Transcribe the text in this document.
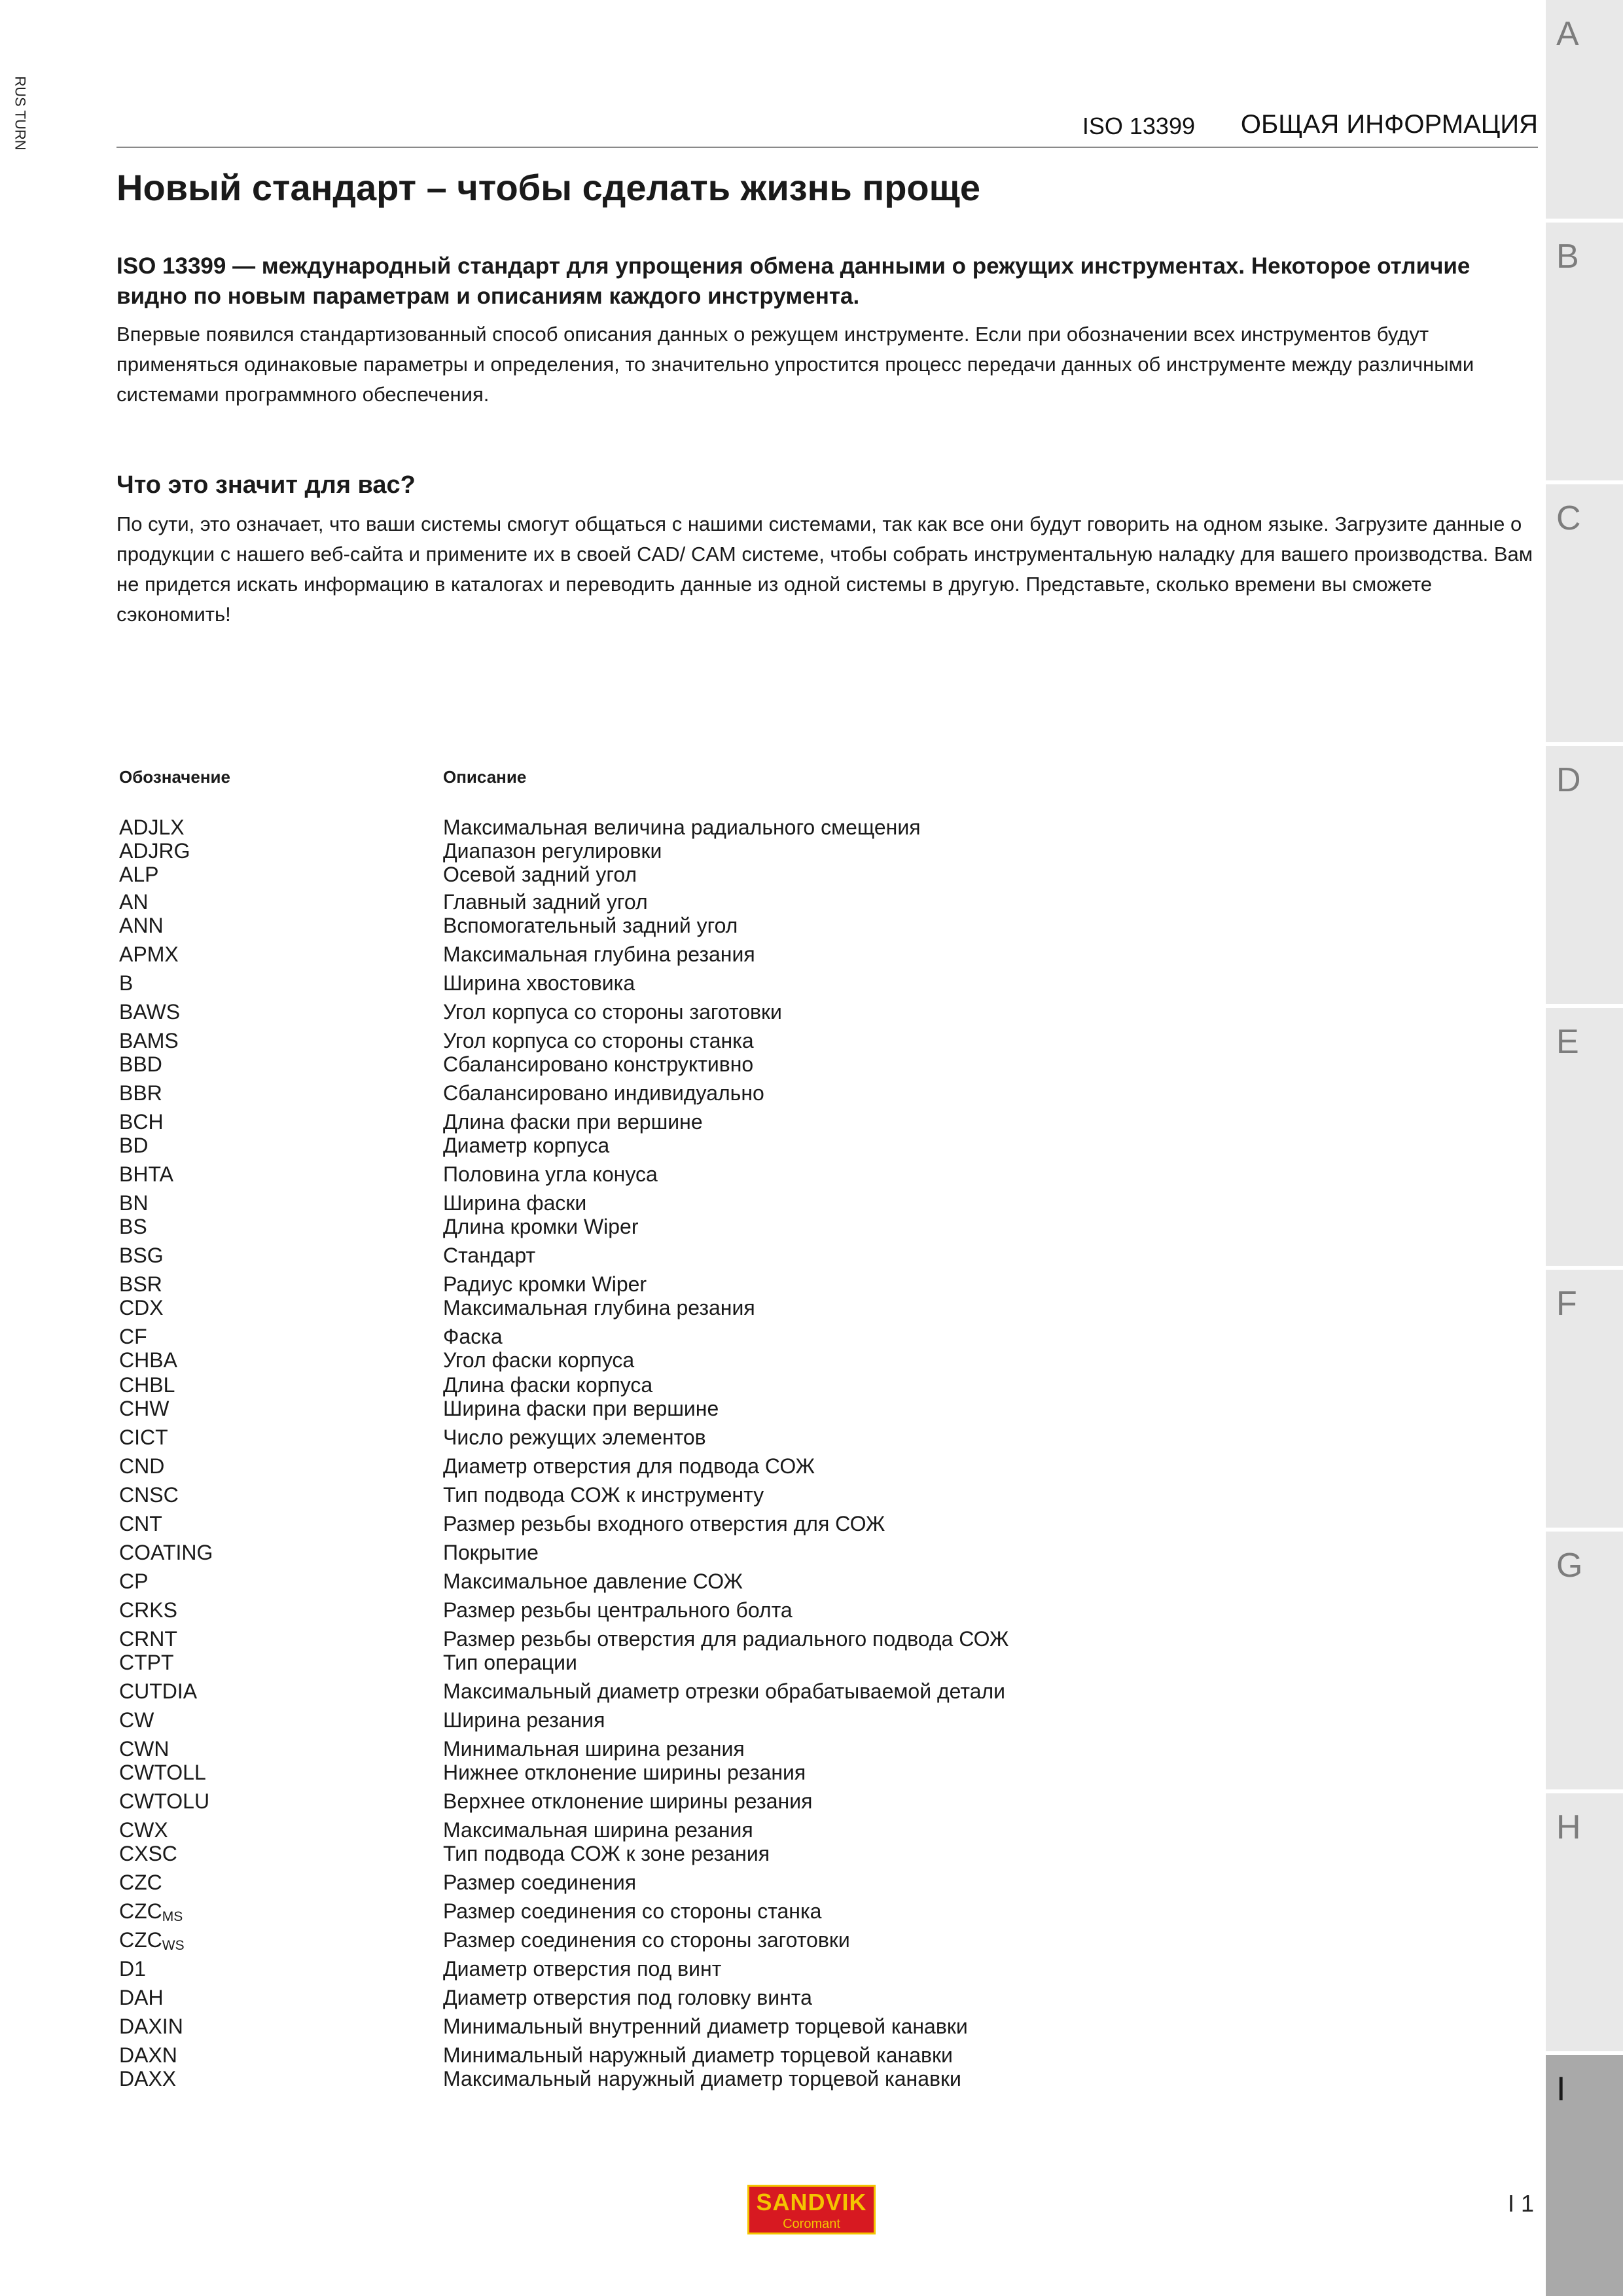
RUS TURN
A
B
C
D
E
F
G
H
I
ISO 13399 ОБЩАЯ ИНФОРМАЦИЯ
Новый стандарт – чтобы сделать жизнь проще

ISO 13399 — международный стандарт для упрощения обмена данными о режущих инструментах. Некоторое отличие видно по новым параметрам и описаниям каждого инструмента.

Впервые появился стандартизованный способ описания данных о режущем инструменте. Если при обозначении всех инструментов будут применяться одинаковые параметры и определения, то значительно упростится процесс передачи данных об инструменте между различными системами программного обеспечения.

Что это значит для вас?

По сути, это означает, что ваши системы смогут общаться с нашими системами, так как все они будут говорить на одном языке. Загрузите данные о продукции с нашего веб-сайта и примените их в своей CAD/ CAM системе, чтобы собрать инструментальную наладку для вашего производства. Вам не придется искать информацию в каталогах и переводить данные из одной системы в другую. Представьте, сколько времени вы сможете сэкономить!

Обозначение	Описание
ADJLX	Максимальная величина радиального смещения
ADJRG	Диапазон регулировки
ALP	Осевой задний угол
AN	Главный задний угол
ANN	Вспомогательный задний угол
APMX	Максимальная глубина резания
B	Ширина хвостовика
BAWS	Угол корпуса со стороны заготовки
BAMS	Угол корпуса со стороны станка
BBD	Сбалансировано конструктивно
BBR	Сбалансировано индивидуально
BCH	Длина фаски при вершине
BD	Диаметр корпуса
BHTA	Половина угла конуса
BN	Ширина фаски
BS	Длина кромки Wiper
BSG	Стандарт
BSR	Радиус кромки Wiper
CDX	Максимальная глубина резания
CF	Фаска
CHBA	Угол фаски корпуса
CHBL	Длина фаски корпуса
CHW	Ширина фаски при вершине
CICT	Число режущих элементов
CND	Диаметр отверстия для подвода СОЖ
CNSC	Тип подвода СОЖ к инструменту
CNT	Размер резьбы входного отверстия для СОЖ
COATING	Покрытие
CP	Максимальное давление СОЖ
CRKS	Размер резьбы центрального болта
CRNT	Размер резьбы отверстия для радиального подвода СОЖ
CTPT	Тип операции
CUTDIA	Максимальный диаметр отрезки обрабатываемой детали
CW	Ширина резания
CWN	Минимальная ширина резания
CWTOLL	Нижнее отклонение ширины резания
CWTOLU	Верхнее отклонение ширины резания
CWX	Максимальная ширина резания
CXSC	Тип подвода СОЖ к зоне резания
CZC	Размер соединения
$CZC_{MS}$	Размер соединения со стороны станка
$CZC_{WS}$	Размер соединения со стороны заготовки
D1	Диаметр отверстия под винт
DAH	Диаметр отверстия под головку винта
DAXIN	Минимальный внутренний диаметр торцевой канавки
DAXN	Минимальный наружный диаметр торцевой канавки
DAXX	Максимальный наружный диаметр торцевой канавки
SANDVIK
Coromant
I 1
